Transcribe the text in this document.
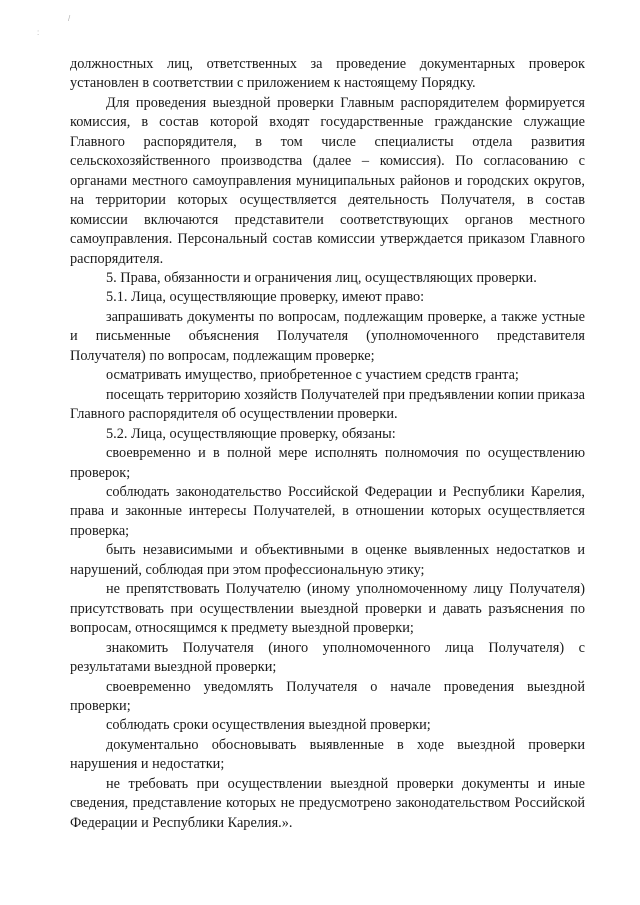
/
:

должностных лиц, ответственных за проведение документарных проверок установлен в соответствии с приложением к настоящему Порядку.

Для проведения выездной проверки Главным распорядителем формируется комиссия, в состав которой входят государственные гражданские служащие Главного распорядителя, в том числе специалисты отдела развития сельскохозяйственного производства (далее – комиссия). По согласованию с органами местного самоуправления муниципальных районов и городских округов, на территории которых осуществляется деятельность Получателя, в состав комиссии включаются представители соответствующих органов местного самоуправления. Персональный состав комиссии утверждается приказом Главного распорядителя.

5. Права, обязанности и ограничения лиц, осуществляющих проверки.

5.1. Лица, осуществляющие проверку, имеют право:

запрашивать документы по вопросам, подлежащим проверке, а также устные и письменные объяснения Получателя (уполномоченного представителя Получателя) по вопросам, подлежащим проверке;

осматривать имущество, приобретенное с участием средств гранта;

посещать территорию хозяйств Получателей при предъявлении копии приказа Главного распорядителя об осуществлении проверки.

5.2. Лица, осуществляющие проверку, обязаны:

своевременно и в полной мере исполнять полномочия по осуществлению проверок;

соблюдать законодательство Российской Федерации и Республики Карелия, права и законные интересы Получателей, в отношении которых осуществляется проверка;

быть независимыми и объективными в оценке выявленных недостатков и нарушений, соблюдая при этом профессиональную этику;

не препятствовать Получателю (иному уполномоченному лицу Получателя) присутствовать при осуществлении выездной проверки и давать разъяснения по вопросам, относящимся к предмету выездной проверки;

знакомить Получателя (иного уполномоченного лица Получателя) с результатами выездной проверки;

своевременно уведомлять Получателя о начале проведения выездной проверки;

соблюдать сроки осуществления выездной проверки;

документально обосновывать выявленные в ходе выездной проверки нарушения и недостатки;

не требовать при осуществлении выездной проверки документы и иные сведения, представление которых не предусмотрено законодательством Российской Федерации и Республики Карелия.».
